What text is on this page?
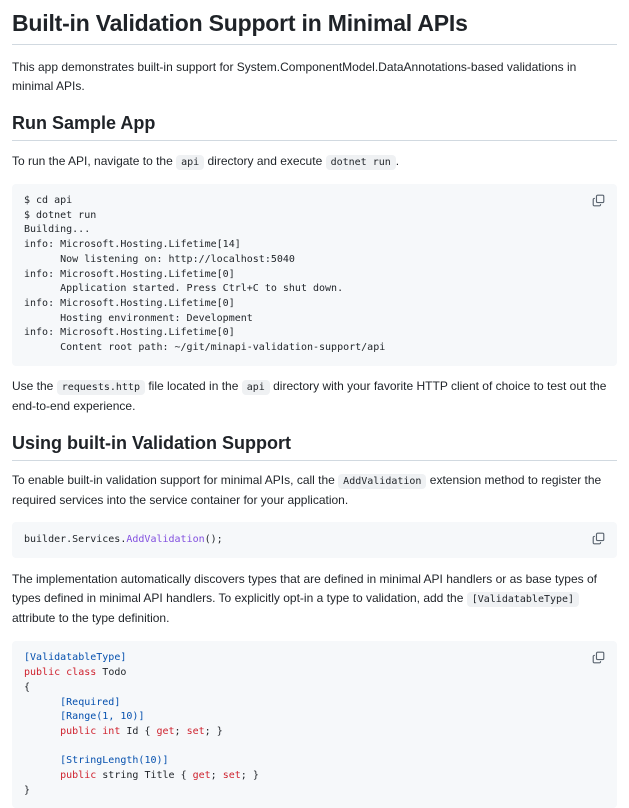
Built-in Validation Support in Minimal APIs

This app demonstrates built-in support for System.ComponentModel.DataAnnotations-based validations in minimal APIs.

Run Sample App

To run the API, navigate to the api directory and execute dotnet run .

$ cd api
$ dotnet run
Building...
info: Microsoft.Hosting.Lifetime[14]
Now listening on: http://localhost:5040
info: Microsoft.Hosting.Lifetime[0]
Application started. Press Ctrl+C to shut down.
info: Microsoft.Hosting.Lifetime[0]
Hosting environment: Development
info: Microsoft.Hosting.Lifetime[0]
Content root path: ~/git/minapi-validation-support/api

Use the requests.http file located in the api directory with your favorite HTTP client of choice to test out the end-to-end experience.

Using built-in Validation Support

To enable built-in validation support for minimal APIs, call the AddValidation extension method to register the required services into the service container for your application.

builder.Services.AddValidation();

The implementation automatically discovers types that are defined in minimal API handlers or as base types of types defined in minimal API handlers. To explicitly opt-in a type to validation, add the [ValidatableType] attribute to the type definition.

[ValidatableType]
public class Todo
{
[Required]
[Range(1, 10)]
public int Id { get; set; }

[StringLength(10)]
public string Title { get; set; }
}
